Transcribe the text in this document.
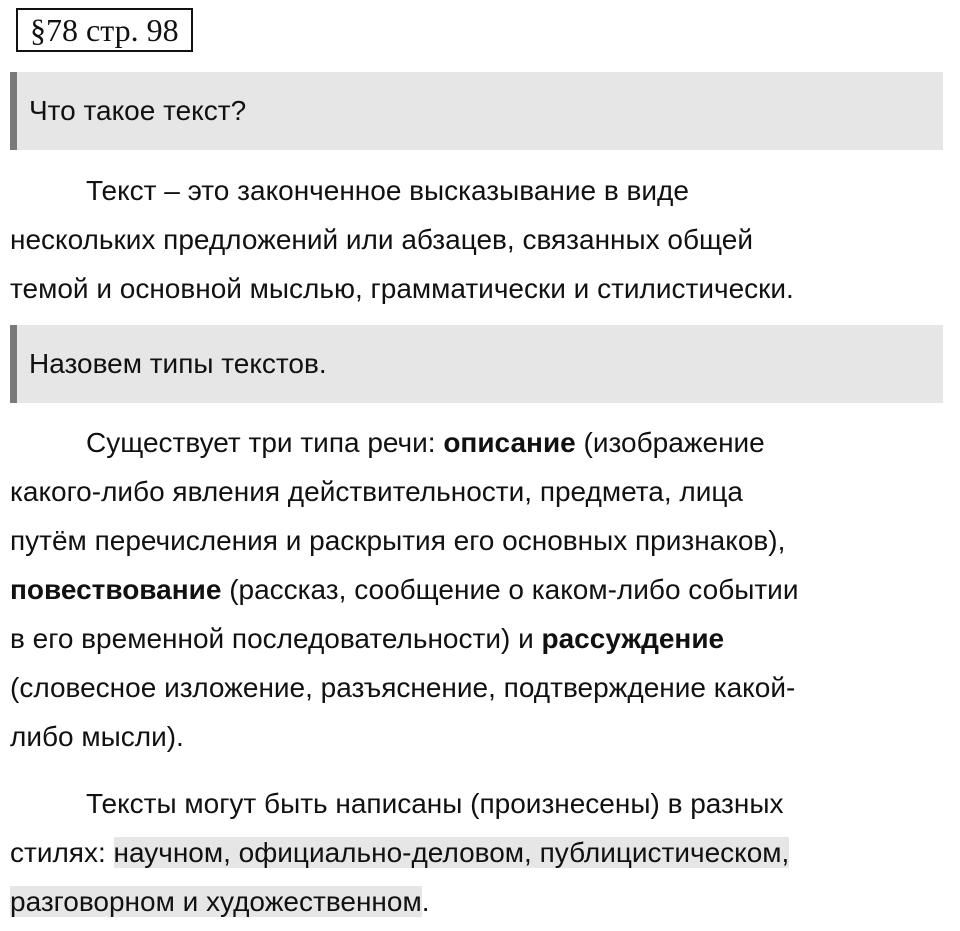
§78 стр. 98
Что такое текст?
Текст – это законченное высказывание в виде
нескольких предложений или абзацев, связанных общей
темой и основной мыслью, грамматически и стилистически.
Назовем типы текстов.
Существует три типа речи: описание (изображение
какого-либо явления действительности, предмета, лица
путём перечисления и раскрытия его основных признаков),
повествование (рассказ, сообщение о каком-либо событии
в его временной последовательности) и рассуждение
(словесное изложение, разъяснение, подтверждение какой-
либо мысли).
Тексты могут быть написаны (произнесены) в разных
стилях: научном, официально-деловом, публицистическом,
разговорном и художественном.
